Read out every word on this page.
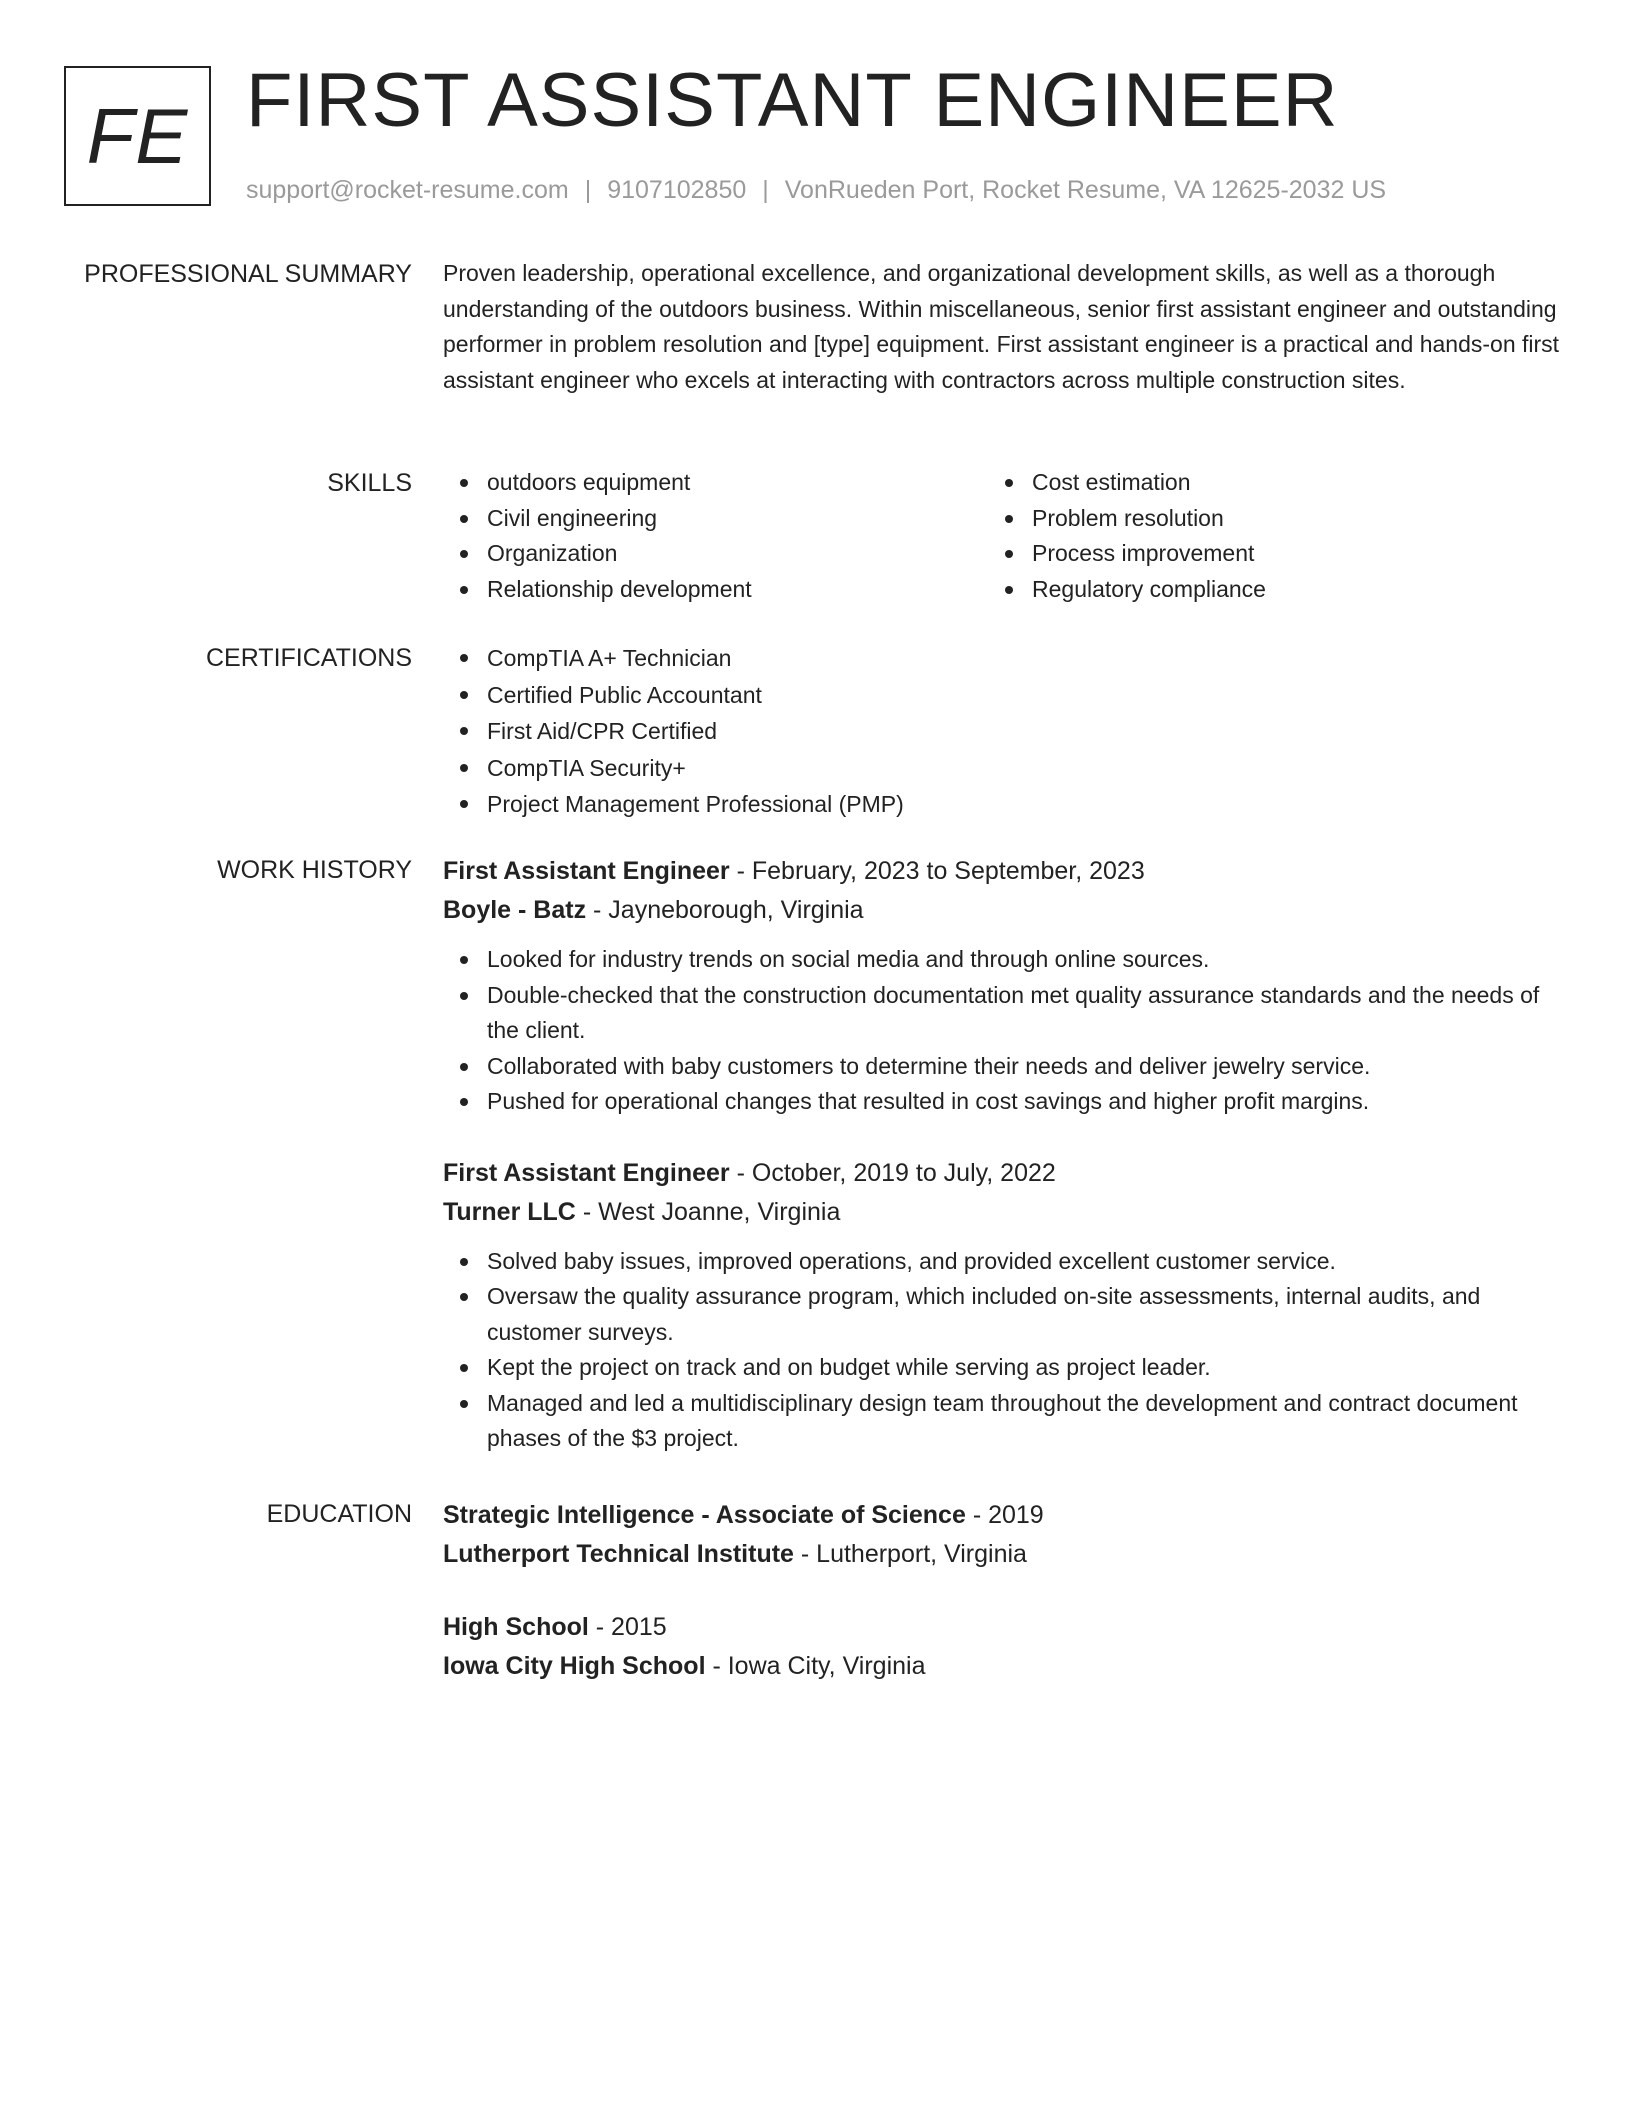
FE FIRST ASSISTANT ENGINEER
support@rocket-resume.com | 9107102850 | VonRueden Port, Rocket Resume, VA 12625-2032 US
PROFESSIONAL SUMMARY Proven leadership, operational excellence, and organizational development skills, as well as a thorough understanding of the outdoors business. Within miscellaneous, senior first assistant engineer and outstanding performer in problem resolution and [type] equipment. First assistant engineer is a practical and hands-on first assistant engineer who excels at interacting with contractors across multiple construction sites.

SKILLS	outdoors equipment
Civil engineering
Organization
Relationship development
Cost estimation
Problem resolution
Process improvement
Regulatory compliance
CERTIFICATIONS	CompTIA A+ Technician
Certified Public Accountant
First Aid/CPR Certified
CompTIA Security+
Project Management Professional (PMP)
WORK HISTORY First Assistant Engineer - February, 2023 to September, 2023
Boyle - Batz - Jayneborough, Virginia
Looked for industry trends on social media and through online sources.
Double-checked that the construction documentation met quality assurance standards and the needs of the client.
Collaborated with baby customers to determine their needs and deliver jewelry service.
Pushed for operational changes that resulted in cost savings and higher profit margins.
First Assistant Engineer - October, 2019 to July, 2022
Turner LLC - West Joanne, Virginia
Solved baby issues, improved operations, and provided excellent customer service.
Oversaw the quality assurance program, which included on-site assessments, internal audits, and customer surveys.
Kept the project on track and on budget while serving as project leader.
Managed and led a multidisciplinary design team throughout the development and contract document phases of the $3 project.
EDUCATION Strategic Intelligence - Associate of Science - 2019
Lutherport Technical Institute - Lutherport, Virginia
High School - 2015
Iowa City High School - Iowa City, Virginia
